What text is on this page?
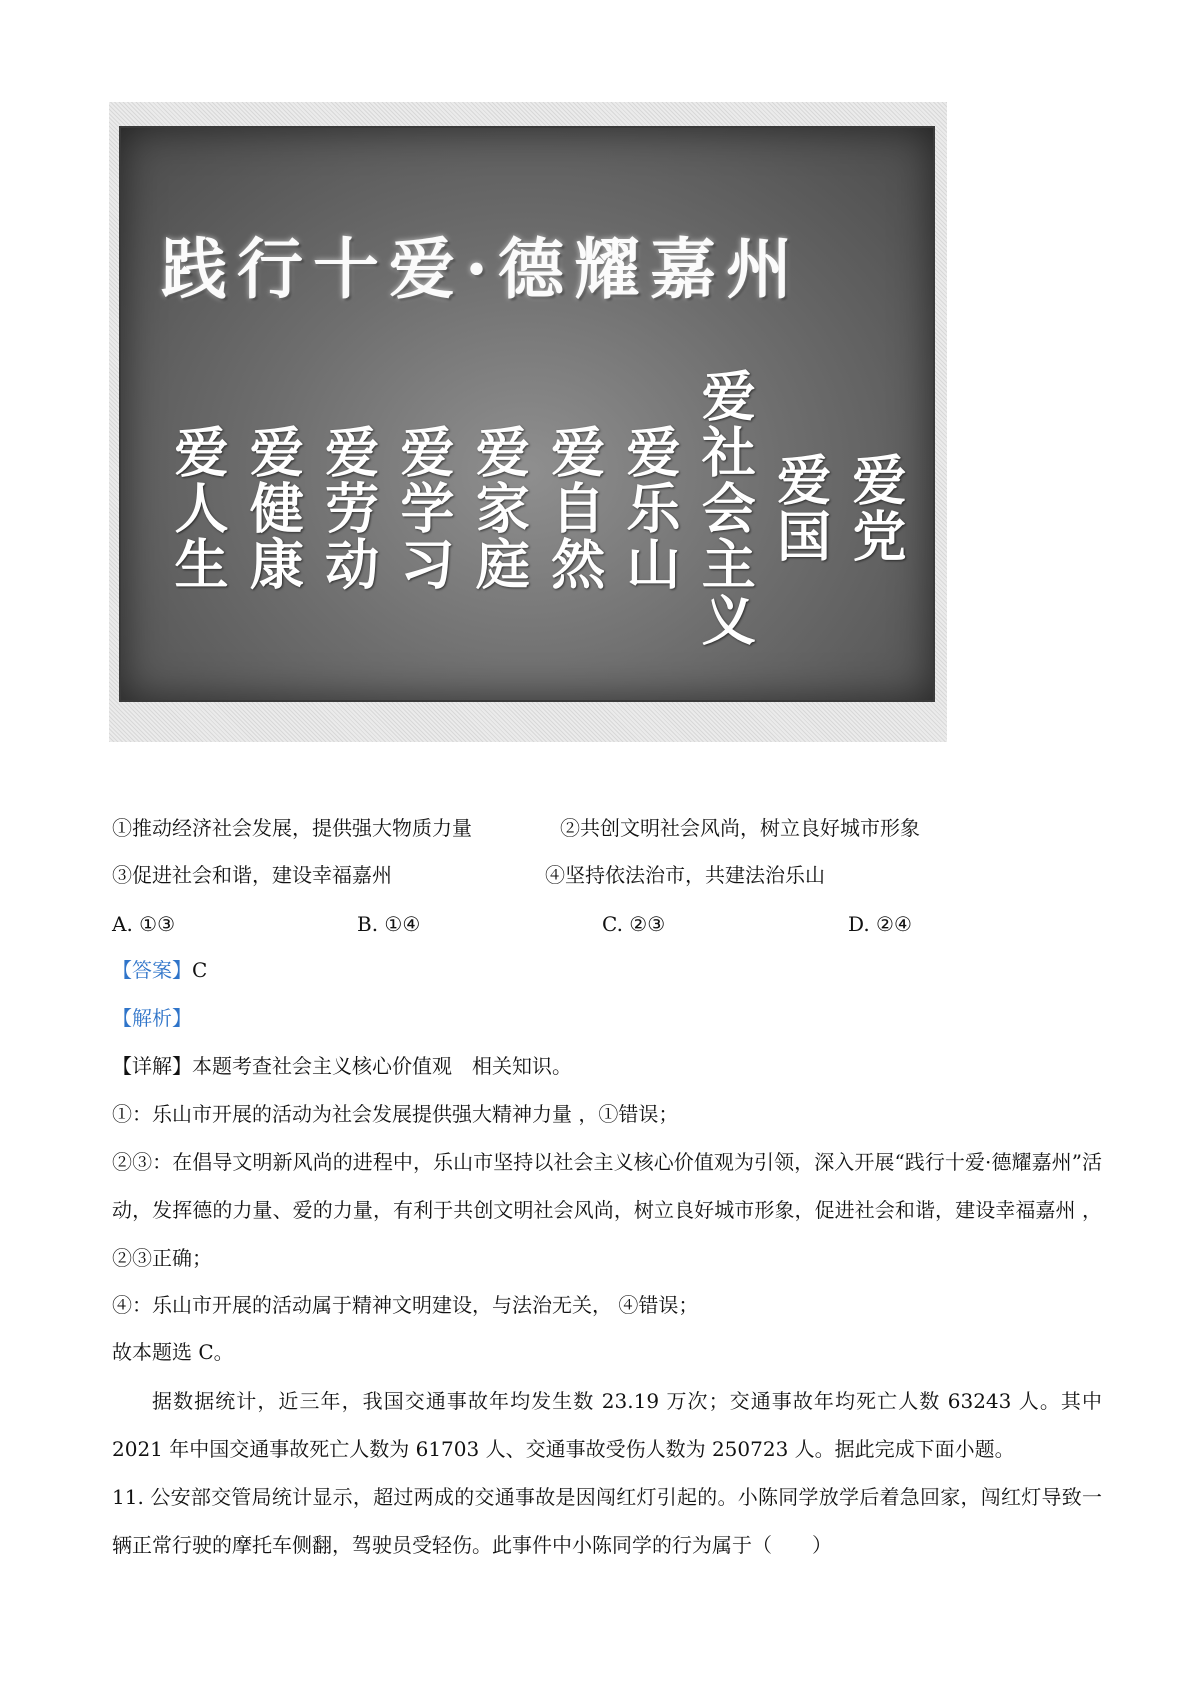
践行十爱·德耀嘉州
爱党
爱国
爱社会主义
爱乐山
爱自然
爱家庭
爱学习
爱劳动
爱健康
爱人生
①推动经济社会发展，提供强大物质力量	②共创文明社会风尚，树立良好城市形象
③促进社会和谐，建设幸福嘉州	④坚持依法治市，共建法治乐山
A. ①③	B. ①④	C. ②③	D. ②④
【答案】C
【解析】
【详解】本题考查社会主义核心价值观　相关知识。
①：乐山市开展的活动为社会发展提供强大精神力量 ，①错误；
②③：在倡导文明新风尚的进程中，乐山市坚持以社会主义核心价值观为引领，深入开展“践行十爱·德耀嘉州”活动，发挥德的力量、爱的力量，有利于共创文明社会风尚，树立良好城市形象，促进社会和谐，建设幸福嘉州 ，②③正确；
④：乐山市开展的活动属于精神文明建设，与法治无关， ④错误；
故本题选 C。
据数据统计，近三年，我国交通事故年均发生数 23.19 万次；交通事故年均死亡人数 63243 人。其中 2021 年中国交通事故死亡人数为 61703 人、交通事故受伤人数为 250723 人。据此完成下面小题。
11. 公安部交管局统计显示，超过两成的交通事故是因闯红灯引起的。小陈同学放学后着急回家，闯红灯导致一辆正常行驶的摩托车侧翻，驾驶员受轻伤。此事件中小陈同学的行为属于（　　）
